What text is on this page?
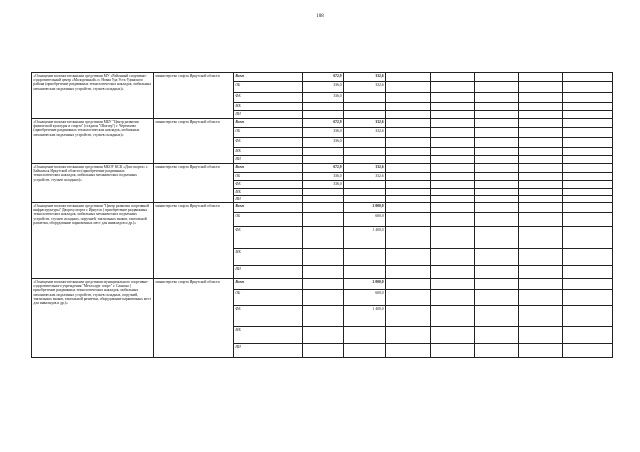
108
«Оснащение вспомогательными средствами МУ «Районный спортивно-оздоровительный центр «Молодежный» п. Новая Уда Усть-Удинского района (приобретение раздвижных технологических накладок, мобильных механических подъемных устройств, стульев складных)»	министерство спорта Иркутской области	Всего	672,9	332,6					
		ОБ	336,0	332,6					
		ФБ	336,0						
		МБ							
		ИИ							
«Оснащение вспомогательными средствами МБУ "Центр развития физической культуры и спорта" (стадион "Шахтер") г. Черемхово (приобретение раздвижных технологических накладок, мобильных механических подъемных устройств, стульев складных)»	министерство спорта Иркутской области	Всего	672,9	332,6					
		ОБ	336,0	332,6					
		ФБ	336,0						
		МБ							
		ИИ							
«Оснащение вспомогательными средствами МБОУ КСК «Дом спорта» г. Байкальск Иркутской области (приобретение раздвижных технологических накладок, мобильных механических подъемных устройств, стульев складных)»	министерство спорта Иркутской области	Всего	672,9	332,6					
		ОБ	336,0	332,6					
		ФБ	336,0						
		МБ							
		ИИ							
«Оснащение вспомогательными средствами "Центр развития спортивной инфраструктуры" Дворец спорта г. Иркутск ( приобретение раздвижных технологических накладок, мобильных механических подъемных устройств, стульев складных, поручней, тактильных знаков, тактильной разметки, оборудование парковочных мест для инвалидов и др.)»	министерство спорта Иркутской области	Всего		2 000,0					
		ОБ		600,0					
		ФБ		1 400,0					
		МБ							
		ИИ							
«Оснащение вспомогательными средствами муниципального спортивно-оздоровительного учреждения "Металлург спорт" г. Саянска ( приобретение раздвижных технологических накладок, мобильных механических подъемных устройств, стульев складных, поручней, тактильных знаков, тактильной разметки, оборудование парковочных мест для инвалидов и др.)»	министерство спорта Иркутской области	Всего		2 000,0					
		ОБ		600,0					
		ФБ		1 400,0					
		МБ							
		ИИ							
